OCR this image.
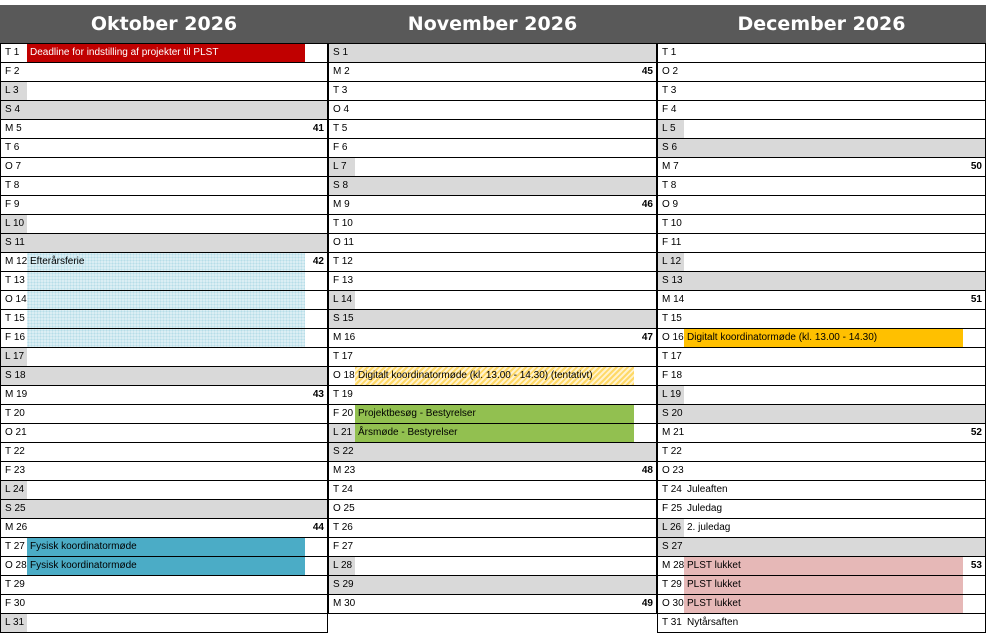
Oktober 2026
T 1	Deadline for indstilling af projekter til PLST
F 2
L 3
S 4
M 5	41
T 6
O 7
T 8
F 9
L 10
S 11
M 12 Efterårsferie	42
T 13
O 14
T 15
F 16
L 17
S 18
M 19	43
T 20
O 21
T 22
F 23
L 24
S 25
M 26	44
T 27 Fysisk koordinatormøde
O 28 Fysisk koordinatormøde
T 29
F 30
L 31
November 2026
S 1
M 2	45
T 3
O 4
T 5
F 6
L 7
S 8
M 9	46
T 10
O 11
T 12
F 13
L 14
S 15
M 16	47
T 17
O 18 Digitalt koordinatormøde (kl. 13.00 - 14.30) (tentativt)
T 19
F 20 Projektbesøg - Bestyrelser
L 21 Årsmøde - Bestyrelser
S 22
M 23	48
T 24
O 25
T 26
F 27
L 28
S 29
M 30	49
December 2026
T 1
O 2
T 3
F 4
L 5
S 6
M 7	50
T 8
O 9
T 10
F 11
L 12
S 13
M 14	51
T 15
O 16 Digitalt koordinatormøde (kl. 13.00 - 14.30)
T 17
F 18
L 19
S 20
M 21	52
T 22
O 23
T 24 Juleaften
F 25 Juledag
L 26 2. juledag
S 27
M 28 PLST lukket	53
T 29 PLST lukket
O 30 PLST lukket
T 31 Nytårsaften
